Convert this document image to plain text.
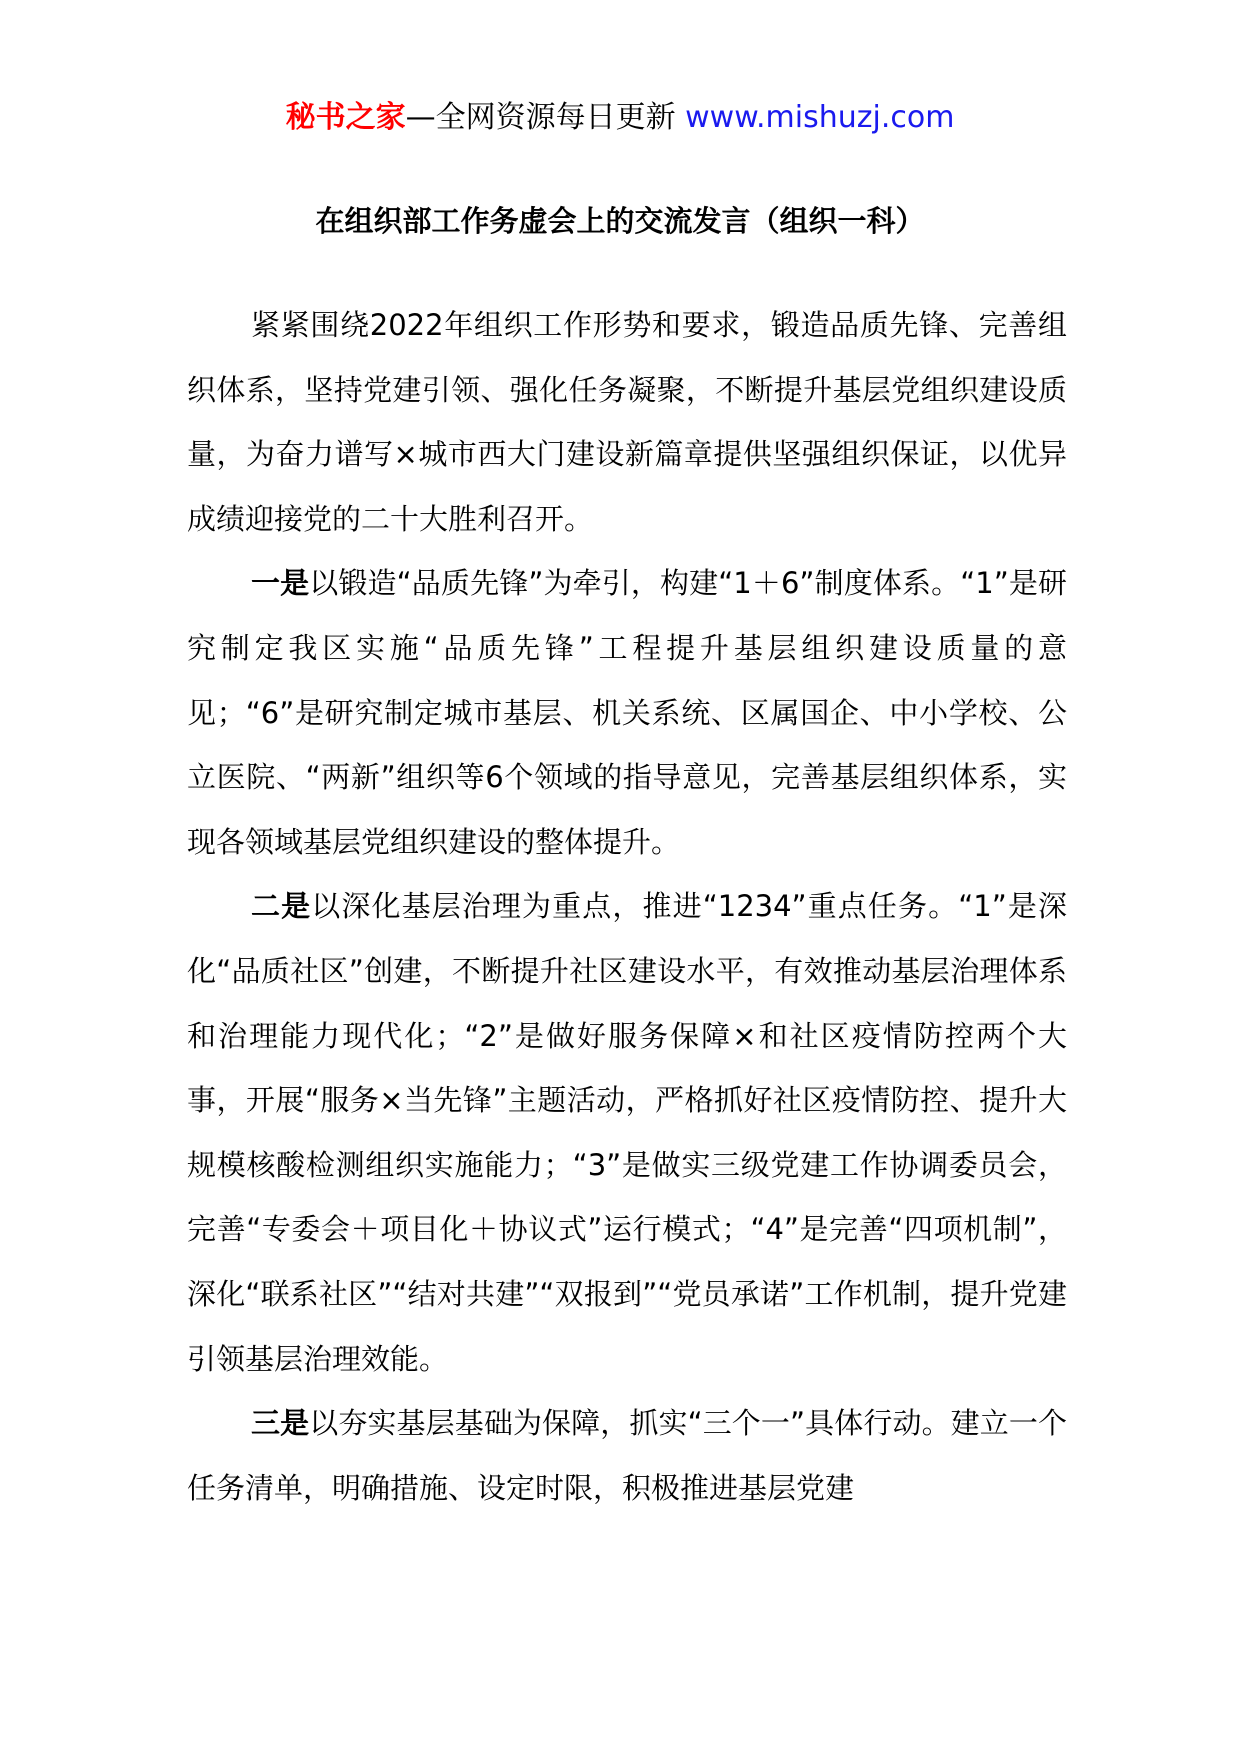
秘书之家—全网资源每日更新 www.mishuzj.com
在组织部工作务虚会上的交流发言（组织一科）

紧紧围绕2022年组织工作形势和要求，锻造品质先锋、完善组织体系，坚持党建引领、强化任务凝聚，不断提升基层党组织建设质量，为奋力谱写×城市西大门建设新篇章提供坚强组织保证，以优异成绩迎接党的二十大胜利召开。

一是以锻造“品质先锋”为牵引，构建“1＋6”制度体系。“1”是研究制定我区实施“品质先锋”工程提升基层组织建设质量的意见；“6”是研究制定城市基层、机关系统、区属国企、中小学校、公立医院、“两新”组织等6个领域的指导意见，完善基层组织体系，实现各领域基层党组织建设的整体提升。

二是以深化基层治理为重点，推进“1234”重点任务。“1”是深化“品质社区”创建，不断提升社区建设水平，有效推动基层治理体系和治理能力现代化；“2”是做好服务保障×和社区疫情防控两个大事，开展“服务×当先锋”主题活动，严格抓好社区疫情防控、提升大规模核酸检测组织实施能力；“3”是做实三级党建工作协调委员会，完善“专委会＋项目化＋协议式”运行模式；“4”是完善“四项机制”，深化“联系社区”“结对共建”“双报到”“党员承诺”工作机制，提升党建引领基层治理效能。

三是以夯实基层基础为保障，抓实“三个一”具体行动。建立一个任务清单，明确措施、设定时限，积极推进基层党建
